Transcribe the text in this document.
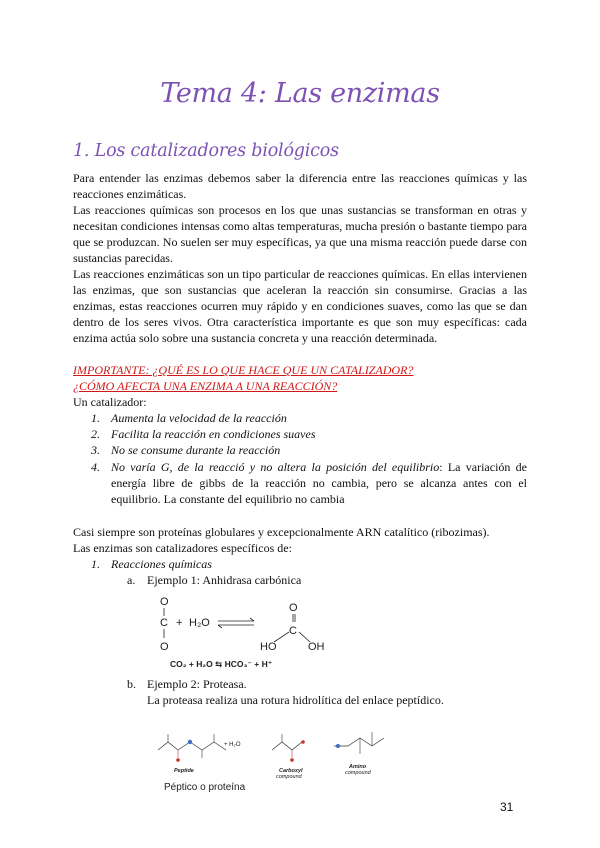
Tema 4: Las enzimas
1. Los catalizadores biológicos
Para entender las enzimas debemos saber la diferencia entre las reacciones químicas y las reacciones enzimáticas.
Las reacciones químicas son procesos en los que unas sustancias se transforman en otras y necesitan condiciones intensas como altas temperaturas, mucha presión o bastante tiempo para que se produzcan. No suelen ser muy específicas, ya que una misma reacción puede darse con sustancias parecidas.
Las reacciones enzimáticas son un tipo particular de reacciones químicas. En ellas intervienen las enzimas, que son sustancias que aceleran la reacción sin consumirse. Gracias a las enzimas, estas reacciones ocurren muy rápido y en condiciones suaves, como las que se dan dentro de los seres vivos. Otra característica importante es que son muy específicas: cada enzima actúa solo sobre una sustancia concreta y una reacción determinada.
IMPORTANTE: ¿QUÉ ES LO QUE HACE QUE UN CATALIZADOR?
¿CÓMO AFECTA UNA ENZIMA A UNA REACCIÓN?
Un catalizador:
1. Aumenta la velocidad de la reacción
2. Facilita la reacción en condiciones suaves
3. No se consume durante la reacción
4. No varía G, de la reacció y no altera la posición del equilibrio: La variación de energía libre de gibbs de la reacción no cambia, pero se alcanza antes con el equilibrio. La constante del equilibrio no cambia
Casi siempre son proteínas globulares y excepcionalmente ARN catalítico (ribozimas).
Las enzimas son catalizadores específicos de:
1. Reacciones químicas
a. Ejemplo 1: Anhidrasa carbónica
O
C + H₂O
O
O
C
HO	OH
CO₂ + H₂O ⇆ HCO₃⁻ + H⁺
b. Ejemplo 2: Proteasa.
La proteasa realiza una rotura hidrolítica del enlace peptídico.
+ H₂O
Peptide	Carboxyl
compound
Amino
compound
Péptico o proteína
31
